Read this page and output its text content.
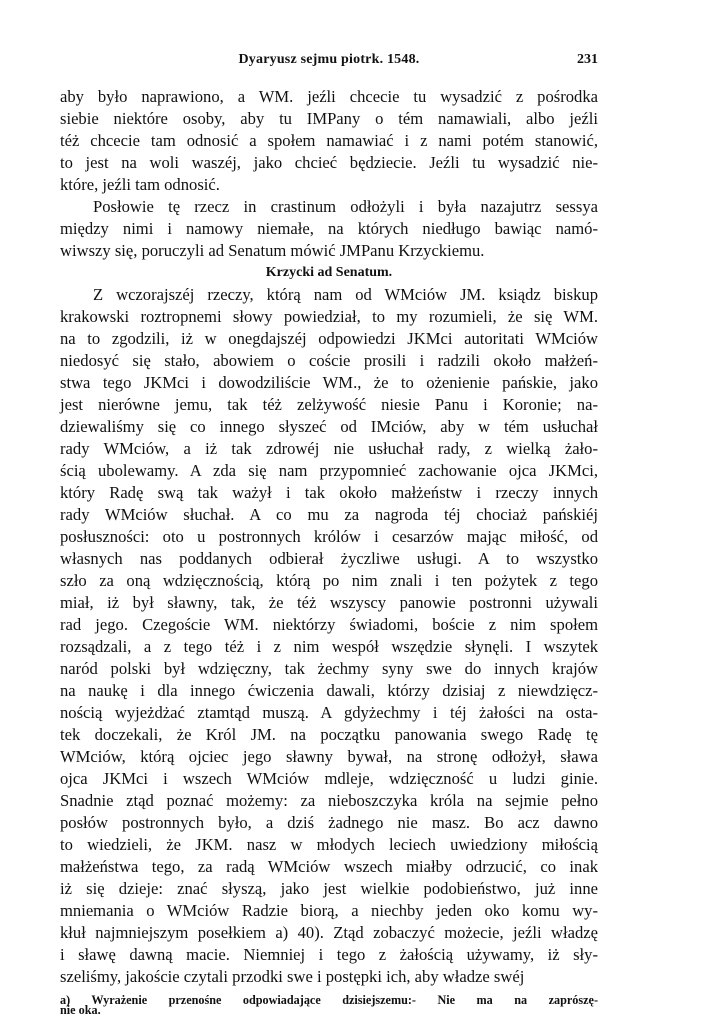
Dyaryusz sejmu piotrk. 1548.	231
aby było naprawiono, a WM. jeźli chcecie tu wysadzić z pośrodka
siebie niektóre osoby, aby tu IMPany o tém namawiali, albo jeźli
téż chcecie tam odnosić a społem namawiać i z nami potém stanowić,
to jest na woli waszéj, jako chcieć będziecie. Jeźli tu wysadzić nie-
które, jeźli tam odnosić.
Posłowie tę rzecz in crastinum odłożyli i była nazajutrz sessya
między nimi i namowy niemałe, na których niedługo bawiąc namó-
wiwszy się, poruczyli ad Senatum mówić JMPanu Krzyckiemu.
Krzycki ad Senatum.
Z wczorajszéj rzeczy, którą nam od WMciów JM. ksiądz biskup
krakowski roztropnemi słowy powiedział, to my rozumieli, że się WM.
na to zgodzili, iż w onegdajszéj odpowiedzi JKMci autoritati WMciów
niedosyć się stało, abowiem o coście prosili i radzili około małżeń-
stwa tego JKMci i dowodziliście WM., że to ożenienie pańskie, jako
jest nierówne jemu, tak téż zelżywość niesie Panu i Koronie; na-
dziewaliśmy się co innego słyszeć od IMciów, aby w tém usłuchał
rady WMciów, a iż tak zdrowéj nie usłuchał rady, z wielką żało-
ścią ubolewamy. A zda się nam przypomnieć zachowanie ojca JKMci,
który Radę swą tak ważył i tak około małżeństw i rzeczy innych
rady WMciów słuchał. A co mu za nagroda téj chociaż pańskiéj
posłuszności: oto u postronnych królów i cesarzów mając miłość, od
własnych nas poddanych odbierał życzliwe usługi. A to wszystko
szło za oną wdzięcznością, którą po nim znali i ten pożytek z tego
miał, iż był sławny, tak, że téż wszyscy panowie postronni używali
rad jego. Czegoście WM. niektórzy świadomi, boście z nim społem
rozsądzali, a z tego téż i z nim wespół wszędzie słynęli. I wszytek
naród polski był wdzięczny, tak żechmy syny swe do innych krajów
na naukę i dla innego ćwiczenia dawali, którzy dzisiaj z niewdzięcz-
nością wyjeżdżać ztamtąd muszą. A gdyżechmy i téj żałości na osta-
tek doczekali, że Król JM. na początku panowania swego Radę tę
WMciów, którą ojciec jego sławny bywał, na stronę odłożył, sława
ojca JKMci i wszech WMciów mdleje, wdzięczność u ludzi ginie.
Snadnie ztąd poznać możemy: za nieboszczyka króla na sejmie pełno
posłów postronnych było, a dziś żadnego nie masz. Bo acz dawno
to wiedzieli, że JKM. nasz w młodych leciech uwiedziony miłością
małżeństwa tego, za radą WMciów wszech miałby odrzucić, co inak
iż się dzieje: znać słyszą, jako jest wielkie podobieństwo, już inne
mniemania o WMciów Radzie biorą, a niechby jeden oko komu wy-
kłuł najmniejszym posełkiem a) 40). Ztąd zobaczyć możecie, jeźli władzę
i sławę dawną macie. Niemniej i tego z żałością używamy, iż sły-
szeliśmy, jakoście czytali przodki swe i postępki ich, aby władze swéj
a) Wyrażenie przenośne odpowiadające dzisiejszemu:- Nie ma na zaprószę-
nie oka.
